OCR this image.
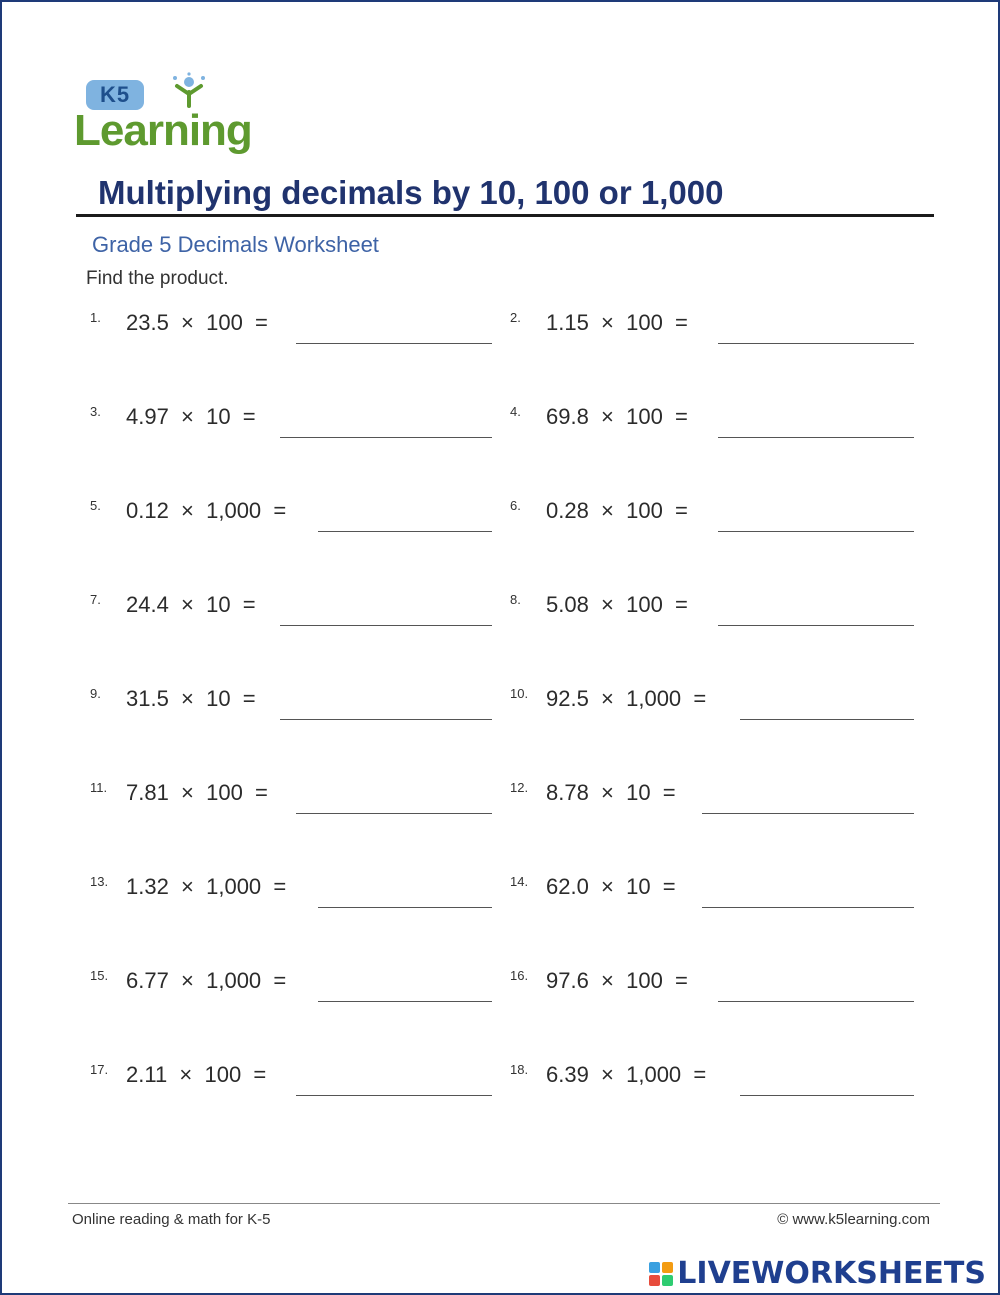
K5
Learning
Multiplying decimals by 10, 100 or 1,000
Grade 5 Decimals Worksheet
Find the product.
1.	23.5  ×  100  =	2.	1.15  ×  100  =
3.	4.97  ×  10  =	4.	69.8  ×  100  =
5.	0.12  ×  1,000  =	6.	0.28  ×  100  =
7.	24.4  ×  10  =	8.	5.08  ×  100  =
9.	31.5  ×  10  =	10. 92.5  ×  1,000  =
11. 7.81  ×  100  =	12. 8.78  ×  10  =
13. 1.32  ×  1,000  =	14. 62.0  ×  10  =
15. 6.77  ×  1,000  =	16. 97.6  ×  100  =
17. 2.11  ×  100  =	18. 6.39  ×  1,000  =
Online reading & math for K-5	© www.k5learning.com
LIVEWORKSHEETS
